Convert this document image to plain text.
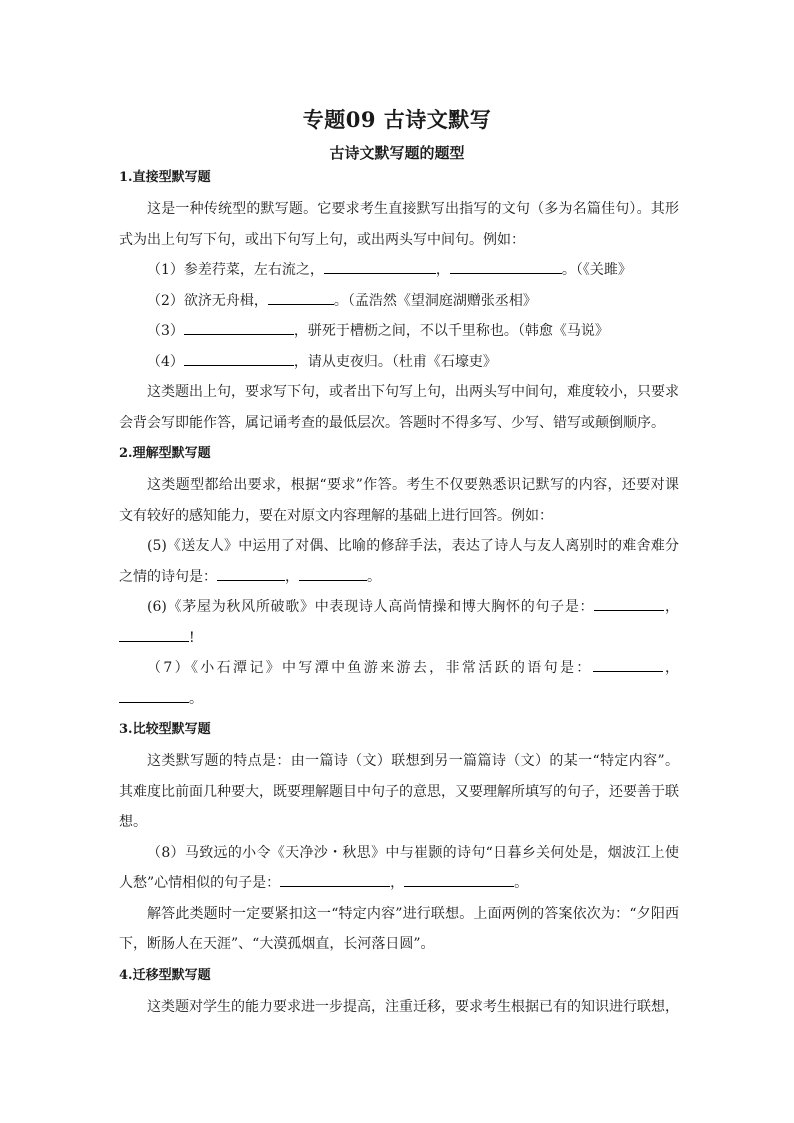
专题09 古诗文默写
古诗文默写题的题型
1.直接型默写题

这是一种传统型的默写题。它要求考生直接默写出指写的文句（多为名篇佳句）。其形式为出上句写下句，或出下句写上句，或出两头写中间句。例如：

（1）参差荇菜，左右流之，	，	。（《关雎》

（2）欲济无舟楫，	。（孟浩然《望洞庭湖赠张丞相》

（3）	，骈死于槽枥之间，不以千里称也。（韩愈《马说》

（4）	，请从吏夜归。（杜甫《石壕吏》

这类题出上句，要求写下句，或者出下句写上句，出两头写中间句，难度较小，只要求会背会写即能作答，属记诵考查的最低层次。答题时不得多写、少写、错写或颠倒顺序。

2.理解型默写题

这类题型都给出要求，根据“要求”作答。考生不仅要熟悉识记默写的内容，还要对课文有较好的感知能力，要在对原文内容理解的基础上进行回答。例如：

(5)《送友人》中运用了对偶、比喻的修辞手法，表达了诗人与友人离别时的难舍难分之情的诗句是：	，	。

(6)《茅屋为秋风所破歌》中表现诗人高尚情操和博大胸怀的句子是：	，!

（7）《小石潭记》中写潭中鱼游来游去，非常活跃的语句是：	，。

3.比较型默写题

这类默写题的特点是：由一篇诗（文）联想到另一篇篇诗（文）的某一“特定内容”。其难度比前面几种要大，既要理解题目中句子的意思，又要理解所填写的句子，还要善于联想。

（8）马致远的小令《天净沙・秋思》中与崔颢的诗句“日暮乡关何处是，烟波江上使人愁”心情相似的句子是：	，	。

解答此类题时一定要紧扣这一“特定内容”进行联想。上面两例的答案依次为：“夕阳西下，断肠人在天涯”、“大漠孤烟直，长河落日圆”。

4.迁移型默写题

这类题对学生的能力要求进一步提高，注重迁移，要求考生根据已有的知识进行联想，
